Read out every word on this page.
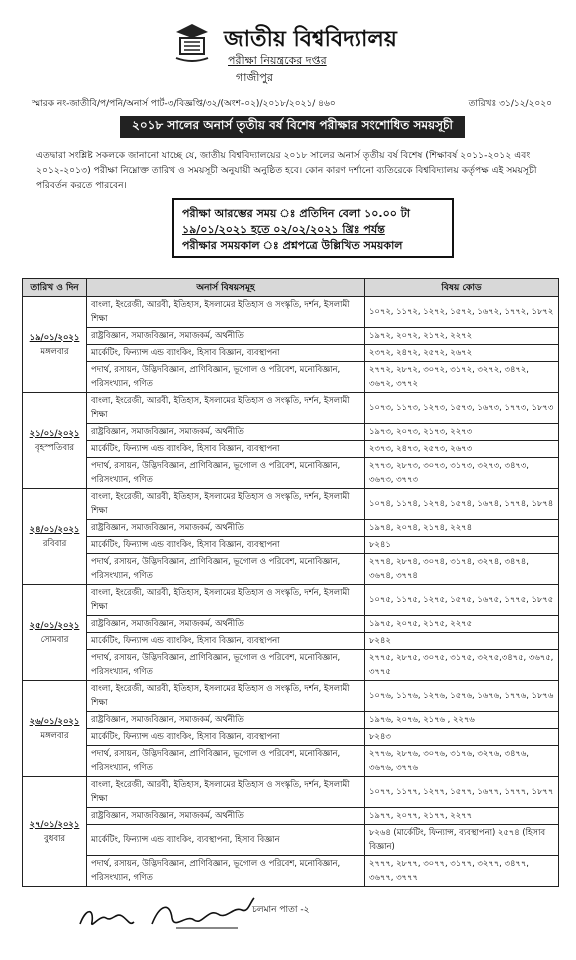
জাতীয় বিশ্ববিদ্যালয়
পরীক্ষা নিয়ন্ত্রকের দপ্তর
গাজীপুর
স্মারক নং-জাতীবি/প/পনি/অনার্স পার্ট-৩/বিজ্ঞপ্তি/৩২/(অংশ-০২)/২০১৮/২০২১/ ৪৬০	তারিখঃ ৩১/১২/২০২০
২০১৮ সালের অনার্স তৃতীয় বর্ষ বিশেষ পরীক্ষার সংশোধিত সময়সূচী
এতদ্বারা সংশ্লিষ্ট সকলকে জানানো যাচ্ছে যে, জাতীয় বিশ্ববিদ্যালয়ের ২০১৮ সালের অনার্স তৃতীয় বর্ষ বিশেষ (শিক্ষাবর্ষ ২০১১-২০১২ এবং ২০১২-২০১৩) পরীক্ষা নিম্নোক্ত তারিখ ও সময়সূচী অনুযায়ী অনুষ্ঠিত হবে। কোন কারণ দর্শানো ব্যতিরেকে বিশ্ববিদ্যালয় কর্তৃপক্ষ এই সময়সূচী পরিবর্তন করতে পারবেন।
পরীক্ষা আরম্ভের সময় ঃ প্রতিদিন বেলা ১০.০০ টা
১৯/০১/২০২১ হতে ০২/০২/২০২১ খ্রিঃ পর্যন্ত
পরীক্ষার সময়কাল ঃ প্রশ্নপত্রে উল্লিখিত সময়কাল
তারিখ ও দিন	অনার্স বিষয়সমূহ	বিষয় কোড

১৯/০১/২০২১
মঙ্গলবার	বাংলা, ইংরেজী, আরবী, ইতিহাস, ইসলামের ইতিহাস ও সংস্কৃতি, দর্শন, ইসলামী শিক্ষা	১০৭২, ১১৭২, ১২৭২, ১৫৭২, ১৬৭২, ১৭৭২, ১৮৭২
	রাষ্ট্রবিজ্ঞান, সমাজবিজ্ঞান, সমাজকর্ম, অর্থনীতি	১৯৭২, ২০৭২, ২১৭২, ২২৭২
	মার্কেটিং, ফিন্যান্স এন্ড ব্যাংকিং, হিসাব বিজ্ঞান, ব্যবস্থাপনা	২৩৭২, ২৪৭২, ২৫৭২, ২৬৭২
	পদার্থ, রসায়ন, উদ্ভিদবিজ্ঞান, প্রাণিবিজ্ঞান, ভূগোল ও পরিবেশ, মনোবিজ্ঞান, পরিসংখ্যান, গণিত	২৭৭২, ২৮৭২, ৩০৭২, ৩১৭২, ৩২৭২, ৩৪৭২, ৩৬৭২, ৩৭৭২

২১/০১/২০২১
বৃহস্পতিবার	বাংলা, ইংরেজী, আরবী, ইতিহাস, ইসলামের ইতিহাস ও সংস্কৃতি, দর্শন, ইসলামী শিক্ষা	১০৭৩, ১১৭৩, ১২৭৩, ১৫৭৩, ১৬৭৩, ১৭৭৩, ১৮৭৩
	রাষ্ট্রবিজ্ঞান, সমাজবিজ্ঞান, সমাজকর্ম, অর্থনীতি	১৯৭৩, ২০৭৩, ২১৭৩, ২২৭৩
	মার্কেটিং, ফিন্যান্স এন্ড ব্যাংকিং, হিসাব বিজ্ঞান, ব্যবস্থাপনা	২৩৭৩, ২৪৭৩, ২৫৭৩, ২৬৭৩
	পদার্থ, রসায়ন, উদ্ভিদবিজ্ঞান, প্রাণিবিজ্ঞান, ভূগোল ও পরিবেশ, মনোবিজ্ঞান, পরিসংখ্যান, গণিত	২৭৭৩, ২৮৭৩, ৩০৭৩, ৩১৭৩, ৩২৭৩, ৩৪৭৩, ৩৬৭৩, ৩৭৭৩

২৪/০১/২০২১
রবিবার	বাংলা, ইংরেজী, আরবী, ইতিহাস, ইসলামের ইতিহাস ও সংস্কৃতি, দর্শন, ইসলামী শিক্ষা	১০৭৪, ১১৭৪, ১২৭৪, ১৫৭৪, ১৬৭৪, ১৭৭৪, ১৮৭৪
	রাষ্ট্রবিজ্ঞান, সমাজবিজ্ঞান, সমাজকর্ম, অর্থনীতি	১৯৭৪, ২০৭৪, ২১৭৪, ২২৭৪
	মার্কেটিং, ফিন্যান্স এন্ড ব্যাংকিং, হিসাব বিজ্ঞান, ব্যবস্থাপনা	৮২৪১
	পদার্থ, রসায়ন, উদ্ভিদবিজ্ঞান, প্রাণিবিজ্ঞান, ভূগোল ও পরিবেশ, মনোবিজ্ঞান, পরিসংখ্যান, গণিত	২৭৭৪, ২৮৭৪, ৩০৭৪, ৩১৭৪, ৩২৭৪, ৩৪৭৪, ৩৬৭৪, ৩৭৭৪

২৫/০১/২০২১
সোমবার	বাংলা, ইংরেজী, আরবী, ইতিহাস, ইসলামের ইতিহাস ও সংস্কৃতি, দর্শন, ইসলামী শিক্ষা	১০৭৫, ১১৭৫, ১২৭৫, ১৫৭৫, ১৬৭৫, ১৭৭৫, ১৮৭৫
	রাষ্ট্রবিজ্ঞান, সমাজবিজ্ঞান, সমাজকর্ম, অর্থনীতি	১৯৭৫, ২০৭৫, ২১৭৫, ২২৭৫
	মার্কেটিং, ফিন্যান্স এন্ড ব্যাংকিং, হিসাব বিজ্ঞান, ব্যবস্থাপনা	৮২৪২
	পদার্থ, রসায়ন, উদ্ভিদবিজ্ঞান, প্রাণিবিজ্ঞান, ভূগোল ও পরিবেশ, মনোবিজ্ঞান, পরিসংখ্যান, গণিত	২৭৭৫, ২৮৭৫, ৩০৭৫, ৩১৭৫, ৩২৭৫,৩৪৭৫, ৩৬৭৫, ৩৭৭৫

২৬/০১/২০২১
মঙ্গলবার	বাংলা, ইংরেজী, আরবী, ইতিহাস, ইসলামের ইতিহাস ও সংস্কৃতি, দর্শন, ইসলামী শিক্ষা	১০৭৬, ১১৭৬, ১২৭৬, ১৫৭৬, ১৬৭৬, ১৭৭৬, ১৮৭৬
	রাষ্ট্রবিজ্ঞান, সমাজবিজ্ঞান, সমাজকর্ম, অর্থনীতি	১৯৭৬, ২০৭৬, ২১৭৬ , ২২৭৬
	মার্কেটিং, ফিন্যান্স এন্ড ব্যাংকিং, হিসাব বিজ্ঞান, ব্যবস্থাপনা	৮২৪৩
	পদার্থ, রসায়ন, উদ্ভিদবিজ্ঞান, প্রাণিবিজ্ঞান, ভূগোল ও পরিবেশ, মনোবিজ্ঞান, পরিসংখ্যান, গণিত	২৭৭৬, ২৮৭৬, ৩০৭৬, ৩১৭৬, ৩২৭৬, ৩৪৭৬, ৩৬৭৬, ৩৭৭৬

২৭/০১/২০২১
বুধবার	বাংলা, ইংরেজী, আরবী, ইতিহাস, ইসলামের ইতিহাস ও সংস্কৃতি, দর্শন, ইসলামী শিক্ষা	১০৭৭, ১১৭৭, ১২৭৭, ১৫৭৭, ১৬৭৭, ১৭৭৭, ১৮৭৭
	রাষ্ট্রবিজ্ঞান, সমাজবিজ্ঞান, সমাজকর্ম, অর্থনীতি	১৯৭৭, ২০৭৭, ২১৭৭, ২২৭৭
	মার্কেটিং, ফিন্যান্স এন্ড ব্যাংকিং, ব্যবস্থাপনা, হিসাব বিজ্ঞান	৮২৬৪ (মার্কেটিং, ফিন্যান্স, ব্যবস্থাপনা) ২৫৭৪ (হিসাব বিজ্ঞান)
	পদার্থ, রসায়ন, উদ্ভিদবিজ্ঞান, প্রাণিবিজ্ঞান, ভূগোল ও পরিবেশ, মনোবিজ্ঞান, পরিসংখ্যান, গণিত	২৭৭৭, ২৮৭৭, ৩০৭৭, ৩১৭৭, ৩২৭৭, ৩৪৭৭, ৩৬৭৭, ৩৭৭৭
চলমান পাতা -২
